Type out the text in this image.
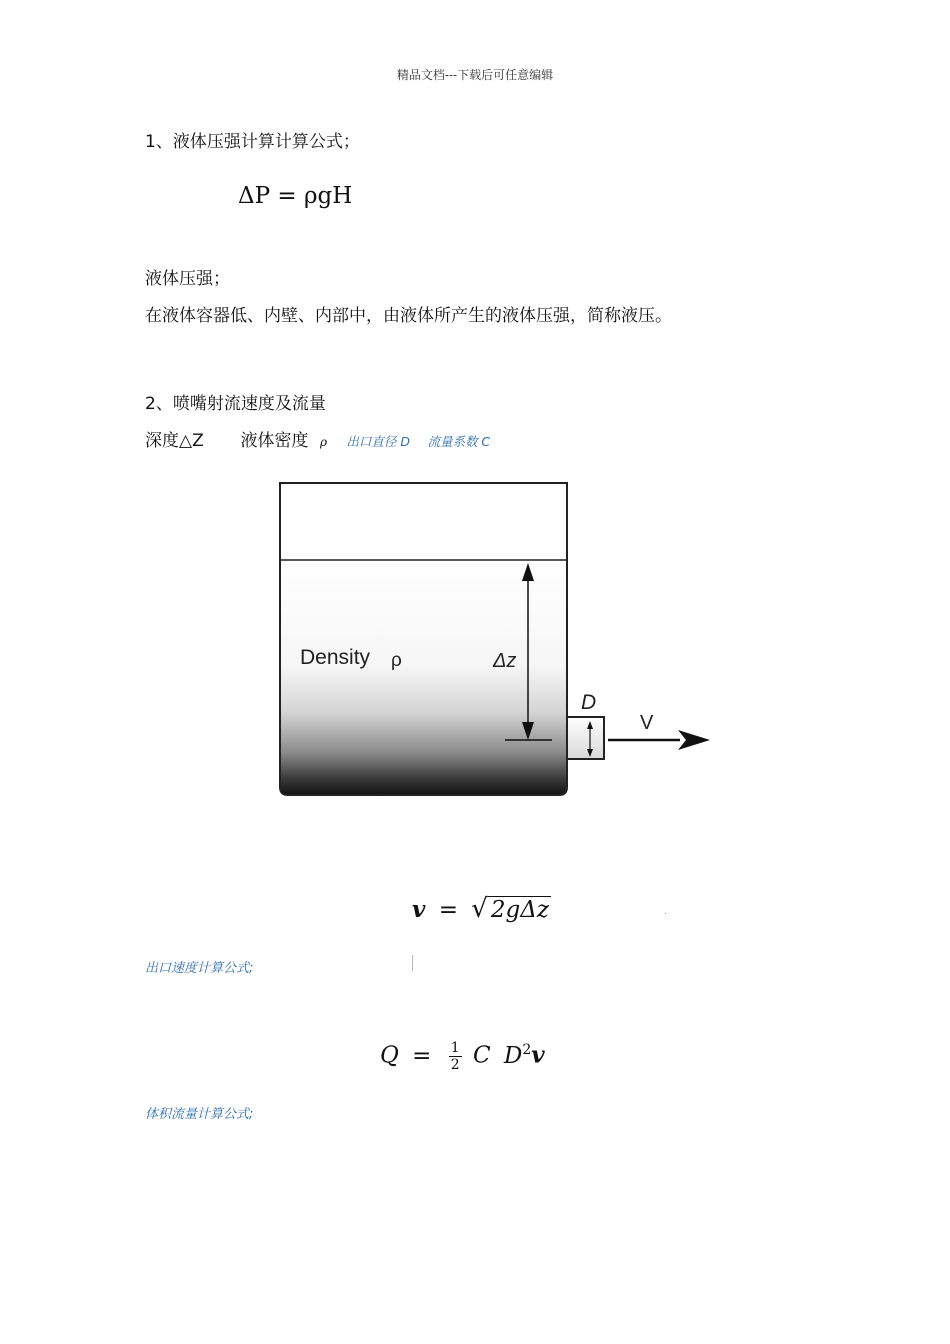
精品文档---下载后可任意编辑
1、液体压强计算计算公式；
ΔP = ρgH
液体压强；
在液体容器低、内壁、内部中，由液体所产生的液体压强，简称液压。
2、喷嘴射流速度及流量
深度△Z 液体密度 ρ 出口直径 D 流量系数 C
Density ρ	Δz
D
V
v = √ 2gΔz
出口速度计算公式;
$Q = \frac{1}{2}$ C $D^2v$
体积流量计算公式;
